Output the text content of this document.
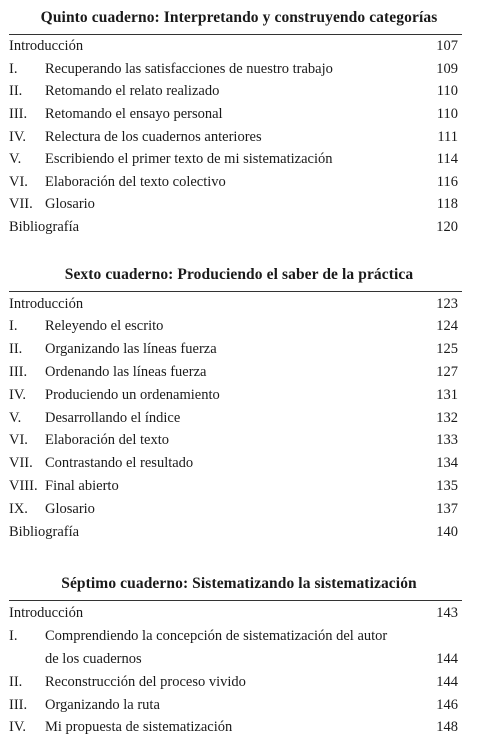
Quinto cuaderno: Interpretando y construyendo categorías
Introducción	107
I. Recuperando las satisfacciones de nuestro trabajo	109
II. Retomando el relato realizado	110
III. Retomando el ensayo personal	110
IV. Relectura de los cuadernos anteriores	111
V. Escribiendo el primer texto de mi sistematización	114
VI. Elaboración del texto colectivo	116
VII. Glosario	118
Bibliografía	120
Sexto cuaderno: Produciendo el saber de la práctica
Introducción	123
I. Releyendo el escrito	124
II. Organizando las líneas fuerza	125
III. Ordenando las líneas fuerza	127
IV. Produciendo un ordenamiento	131
V. Desarrollando el índice	132
VI. Elaboración del texto	133
VII. Contrastando el resultado	134
VIII. Final abierto	135
IX. Glosario	137
Bibliografía	140
Séptimo cuaderno: Sistematizando la sistematización
Introducción	143
I. Comprendiendo la concepción de sistematización del autor
de los cuadernos	144
II. Reconstrucción del proceso vivido	144
III. Organizando la ruta	146
IV. Mi propuesta de sistematización	148
